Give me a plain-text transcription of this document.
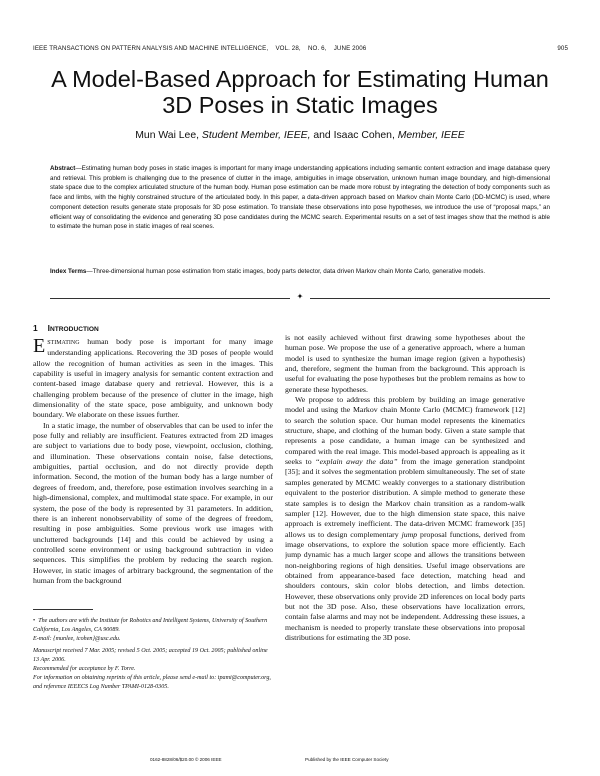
IEEE TRANSACTIONS ON PATTERN ANALYSIS AND MACHINE INTELLIGENCE, VOL. 28, NO. 6, JUNE 2006	905
A Model-Based Approach for Estimating Human 3D Poses in Static Images
Mun Wai Lee, Student Member, IEEE, and Isaac Cohen, Member, IEEE
Abstract—Estimating human body poses in static images is important for many image understanding applications including semantic content extraction and image database query and retrieval. This problem is challenging due to the presence of clutter in the image, ambiguities in image observation, unknown human image boundary, and high-dimensional state space due to the complex articulated structure of the human body. Human pose estimation can be made more robust by integrating the detection of body components such as face and limbs, with the highly constrained structure of the articulated body. In this paper, a data-driven approach based on Markov chain Monte Carlo (DD-MCMC) is used, where component detection results generate state proposals for 3D pose estimation. To translate these observations into pose hypotheses, we introduce the use of “proposal maps,” an efficient way of consolidating the evidence and generating 3D pose candidates during the MCMC search. Experimental results on a set of test images show that the method is able to estimate the human pose in static images of real scenes.
Index Terms—Three-dimensional human pose estimation from static images, body parts detector, data driven Markov chain Monte Carlo, generative models.
✦
1 INTRODUCTION

ESTIMATING human body pose is important for many image understanding applications. Recovering the 3D poses of people would allow the recognition of human activities as seen in the images. This capability is useful in imagery analysis for semantic content extraction and content-based image database query and retrieval. However, this is a challenging problem because of the presence of clutter in the image, high dimensionality of the state space, pose ambiguity, and unknown body boundary. We elaborate on these issues further.

In a static image, the number of observables that can be used to infer the pose fully and reliably are insufficient. Features extracted from 2D images are subject to variations due to body pose, viewpoint, occlusion, clothing, and illumination. These observations contain noise, false detections, ambiguities, partial occlusion, and do not directly provide depth information. Second, the motion of the human body has a large number of degrees of freedom, and, therefore, pose estimation involves searching in a high-dimensional, complex, and multimodal state space. For example, in our system, the pose of the body is represented by 31 parameters. In addition, there is an inherent nonobservability of some of the degrees of freedom, resulting in pose ambiguities. Some previous work use images with uncluttered backgrounds [14] and this could be achieved by using a controlled scene environment or using background subtraction in video sequences. This simplifies the problem by reducing the search region. However, in static images of arbitrary background, the segmentation of the human from the background

• The authors are with the Institute for Robotics and Intelligent Systems, University of Southern California, Los Angeles, CA 90089.
E-mail: {munlee, icohen}@usc.edu.

Manuscript received 7 Mar. 2005; revised 5 Oct. 2005; accepted 19 Oct. 2005; published online 13 Apr. 2006.

Recommended for acceptance by F. Torre.

For information on obtaining reprints of this article, please send e-mail to: tpami@computer.org, and reference IEEECS Log Number TPAMI-0128-0305.

is not easily achieved without first drawing some hypotheses about the human pose. We propose the use of a generative approach, where a human model is used to synthesize the human image region (given a hypothesis) and, therefore, segment the human from the background. This approach is useful for evaluating the pose hypotheses but the problem remains as how to generate these hypotheses.

We propose to address this problem by building an image generative model and using the Markov chain Monte Carlo (MCMC) framework [12] to search the solution space. Our human model represents the kinematics structure, shape, and clothing of the human body. Given a state sample that represents a pose candidate, a human image can be synthesized and compared with the real image. This model-based approach is appealing as it seeks to “explain away the data” from the image generation standpoint [35]; and it solves the segmentation problem simultaneously. The set of state samples generated by MCMC weakly converges to a stationary distribution equivalent to the posterior distribution. A simple method to generate these state samples is to design the Markov chain transition as a random-walk sampler [12]. However, due to the high dimension state space, this naive approach is extremely inefficient. The data-driven MCMC framework [35] allows us to design complementary jump proposal functions, derived from image observations, to explore the solution space more efficiently. Each jump dynamic has a much larger scope and allows the transitions between non-neighboring regions of high densities. Useful image observations are obtained from appearance-based face detection, matching head and shoulders contours, skin color blobs detection, and limbs detection. However, these observations only provide 2D inferences on local body parts but not the 3D pose. Also, these observations have localization errors, contain false alarms and may not be independent. Addressing these issues, a mechanism is needed to properly translate these observations into proposal distributions for estimating the 3D pose.

0162-8828/06/$20.00 © 2006 IEEE	Published by the IEEE Computer Society
